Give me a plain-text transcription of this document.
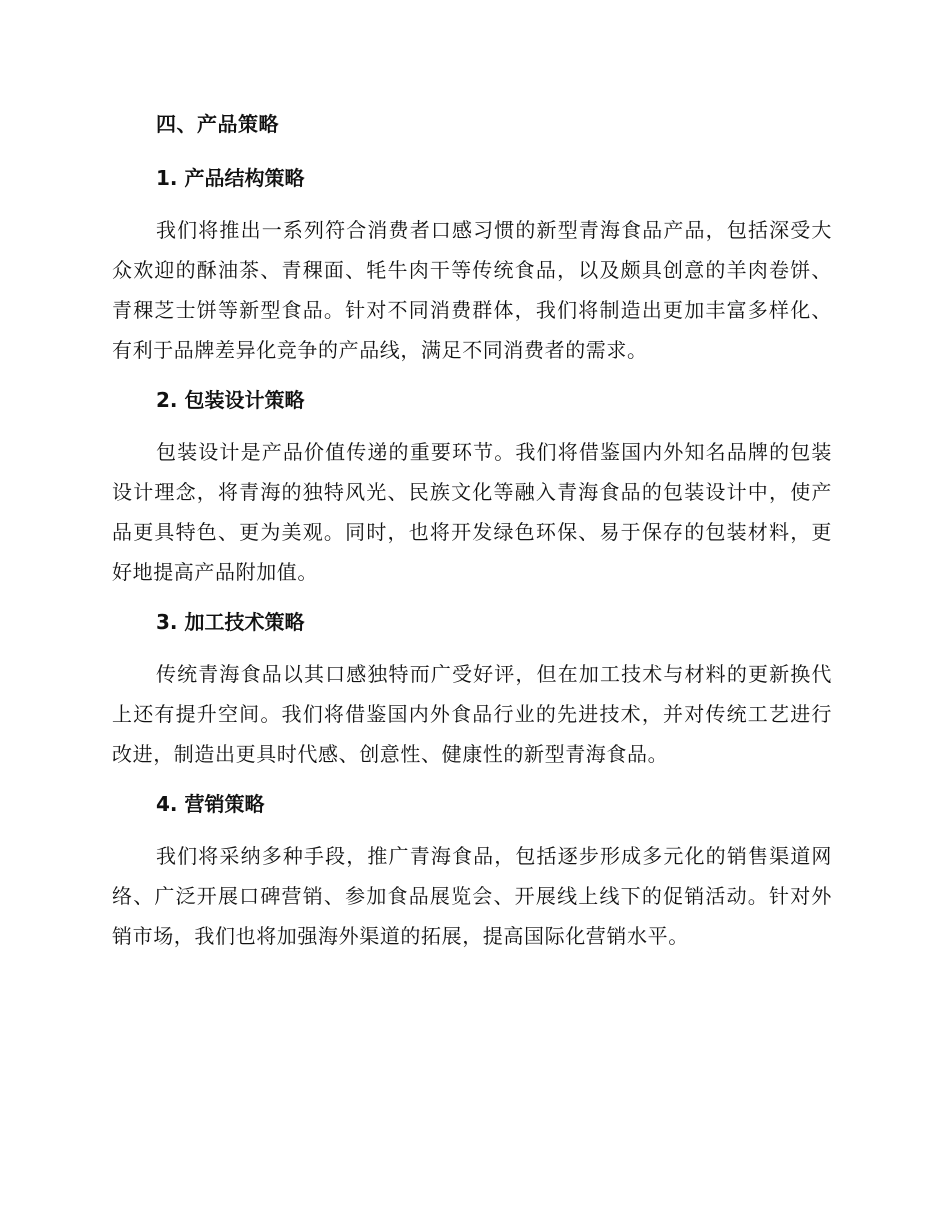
四、产品策略
1. 产品结构策略

我们将推出一系列符合消费者口感习惯的新型青海食品产品，包括深受大众欢迎的酥油茶、青稞面、牦牛肉干等传统食品，以及颇具创意的羊肉卷饼、青稞芝士饼等新型食品。针对不同消费群体，我们将制造出更加丰富多样化、有利于品牌差异化竞争的产品线，满足不同消费者的需求。

2. 包装设计策略

包装设计是产品价值传递的重要环节。我们将借鉴国内外知名品牌的包装设计理念，将青海的独特风光、民族文化等融入青海食品的包装设计中，使产品更具特色、更为美观。同时，也将开发绿色环保、易于保存的包装材料，更好地提高产品附加值。

3. 加工技术策略

传统青海食品以其口感独特而广受好评，但在加工技术与材料的更新换代上还有提升空间。我们将借鉴国内外食品行业的先进技术，并对传统工艺进行改进，制造出更具时代感、创意性、健康性的新型青海食品。

4. 营销策略

我们将采纳多种手段，推广青海食品，包括逐步形成多元化的销售渠道网络、广泛开展口碑营销、参加食品展览会、开展线上线下的促销活动。针对外销市场，我们也将加强海外渠道的拓展，提高国际化营销水平。
